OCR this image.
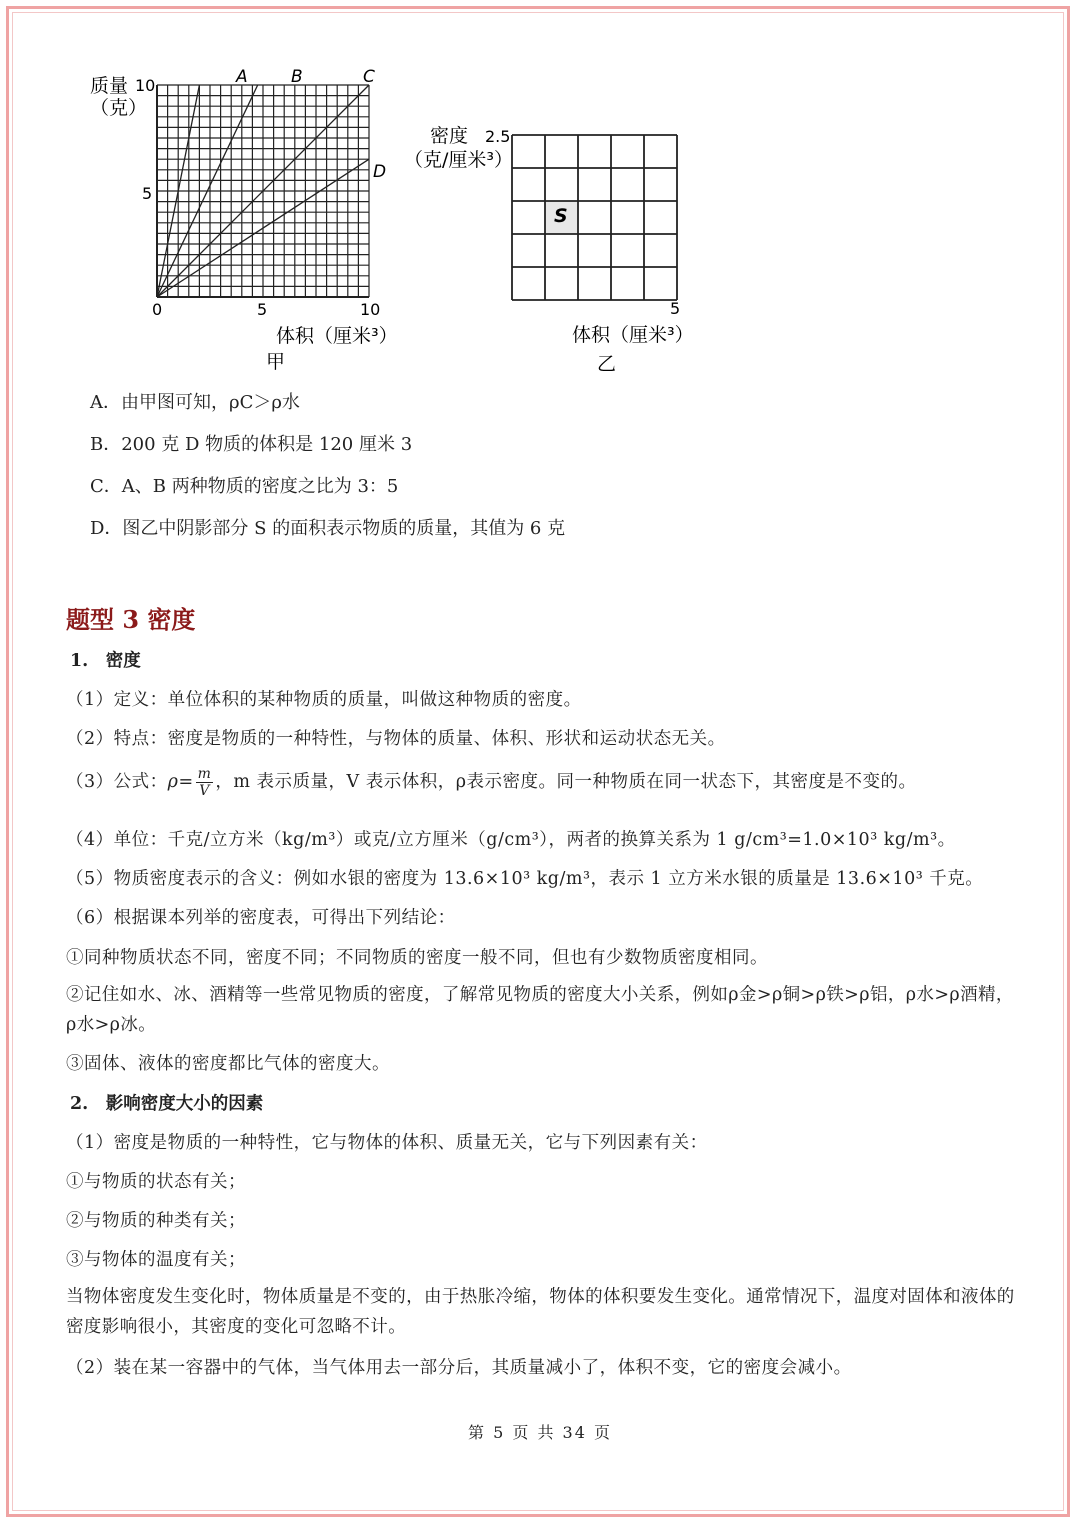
质量
（克）
10
5
0	5	10
体积（厘米³）
甲
A	B	C
D
密度 2.5
（克/厘米³）
S
5
体积（厘米³）
乙
A．由甲图可知，ρC＞ρ水
B．200 克 D 物质的体积是 120 厘米 3
C．A、B 两种物质的密度之比为 3：5
D．图乙中阴影部分 S 的面积表示物质的质量，其值为 6 克
题型 3 密度
1.　密度
（1）定义：单位体积的某种物质的质量，叫做这种物质的密度。
（2）特点：密度是物质的一种特性，与物体的质量、体积、形状和运动状态无关。
（3）公式：$\rho= \frac{m}{V}$ ，m 表示质量，V 表示体积，ρ表示密度。同一种物质在同一状态下，其密度是不变的。
（4）单位：千克/立方米（kg/m³）或克/立方厘米（g/cm³），两者的换算关系为 1 g/cm³=1.0×10³ kg/m³。
（5）物质密度表示的含义：例如水银的密度为 13.6×10³ kg/m³，表示 1 立方米水银的质量是 13.6×10³ 千克。
（6）根据课本列举的密度表，可得出下列结论：
①同种物质状态不同，密度不同；不同物质的密度一般不同，但也有少数物质密度相同。
②记住如水、冰、酒精等一些常见物质的密度，了解常见物质的密度大小关系，例如ρ金>ρ铜>ρ铁>ρ铝，ρ水>ρ酒精，ρ水>ρ冰。
③固体、液体的密度都比气体的密度大。
2.　影响密度大小的因素
（1）密度是物质的一种特性，它与物体的体积、质量无关，它与下列因素有关：
①与物质的状态有关；
②与物质的种类有关；
③与物体的温度有关；
当物体密度发生变化时，物体质量是不变的，由于热胀冷缩，物体的体积要发生变化。通常情况下，温度对固体和液体的密度影响很小，其密度的变化可忽略不计。
（2）装在某一容器中的气体，当气体用去一部分后，其质量减小了，体积不变，它的密度会减小。
第 5 页 共 34 页
